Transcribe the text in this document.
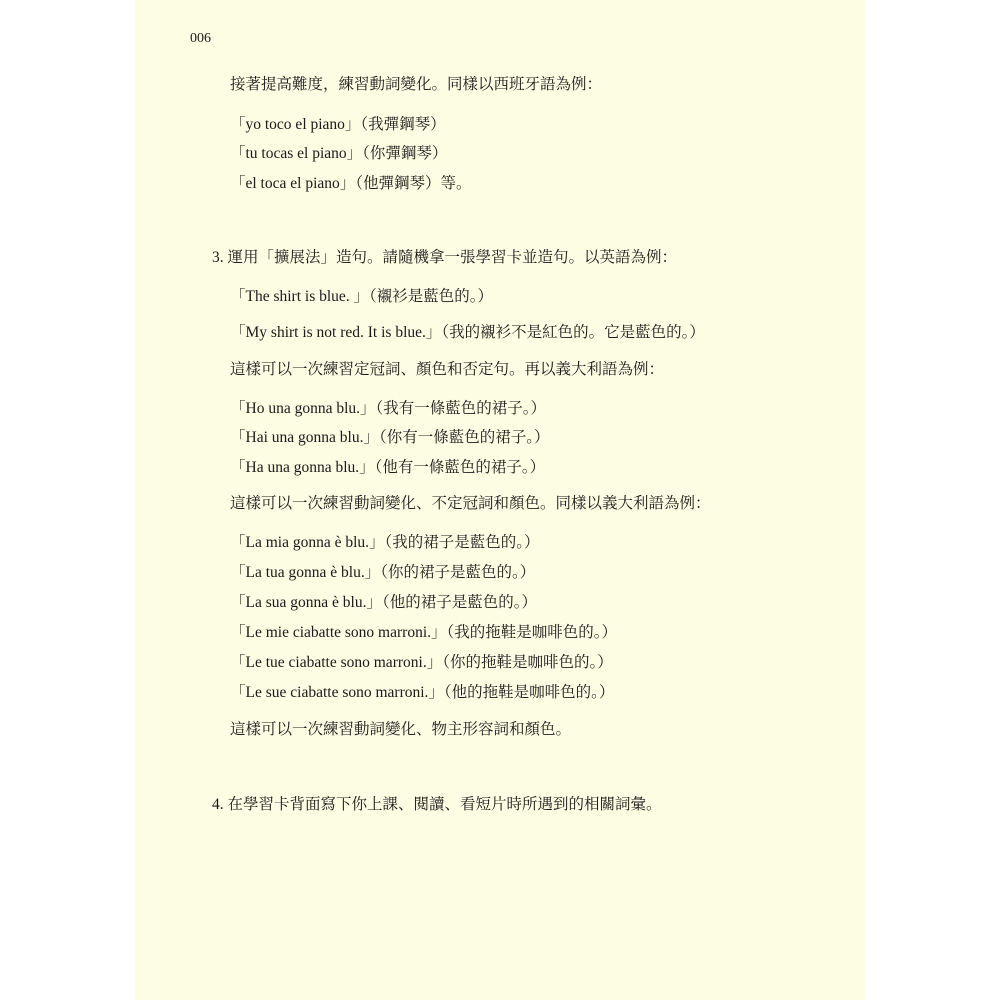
006
接著提高難度，練習動詞變化。同樣以西班牙語為例：
「yo toco el piano」（我彈鋼琴）
「tu tocas el piano」（你彈鋼琴）
「el toca el piano」（他彈鋼琴）等。
3. 運用「擴展法」造句。請隨機拿一張學習卡並造句。以英語為例：
「The shirt is blue. 」（襯衫是藍色的。）
「My shirt is not red. It is blue.」（我的襯衫不是紅色的。它是藍色的。）
這樣可以一次練習定冠詞、顏色和否定句。再以義大利語為例：
「Ho una gonna blu.」（我有一條藍色的裙子。）
「Hai una gonna blu.」（你有一條藍色的裙子。）
「Ha una gonna blu.」（他有一條藍色的裙子。）
這樣可以一次練習動詞變化、不定冠詞和顏色。同樣以義大利語為例：
「La mia gonna è blu.」（我的裙子是藍色的。）
「La tua gonna è blu.」（你的裙子是藍色的。）
「La sua gonna è blu.」（他的裙子是藍色的。）
「Le mie ciabatte sono marroni.」（我的拖鞋是咖啡色的。）
「Le tue ciabatte sono marroni.」（你的拖鞋是咖啡色的。）
「Le sue ciabatte sono marroni.」（他的拖鞋是咖啡色的。）
這樣可以一次練習動詞變化、物主形容詞和顏色。
4. 在學習卡背面寫下你上課、閱讀、看短片時所遇到的相關詞彙。
